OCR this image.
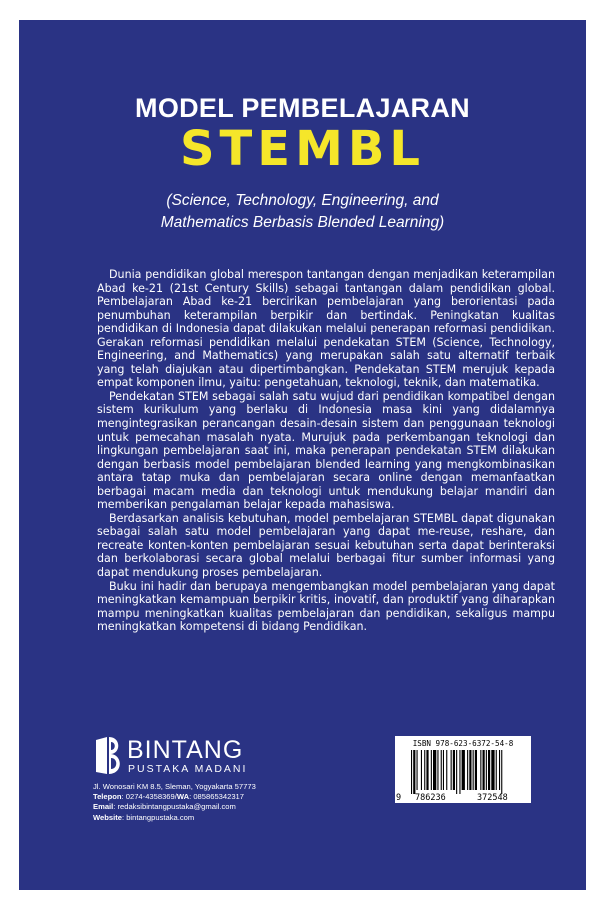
MODEL PEMBELAJARAN
STEMBL
(Science, Technology, Engineering, and
Mathematics Berbasis Blended Learning)

Dunia pendidikan global merespon tantangan dengan menjadikan keterampilan Abad ke-21 (21st Century Skills) sebagai tantangan dalam pendidikan global. Pembelajaran Abad ke-21 bercirikan pembelajaran yang berorientasi pada penumbuhan keterampilan berpikir dan bertindak. Peningkatan kualitas pendidikan di Indonesia dapat dilakukan melalui penerapan reformasi pendidikan. Gerakan reformasi pendidikan melalui pendekatan STEM (Science, Technology, Engineering, and Mathematics) yang merupakan salah satu alternatif terbaik yang telah diajukan atau dipertimbangkan. Pendekatan STEM merujuk kepada empat komponen ilmu, yaitu: pengetahuan, teknologi, teknik, dan matematika.

Pendekatan STEM sebagai salah satu wujud dari pendidikan kompatibel dengan sistem kurikulum yang berlaku di Indonesia masa kini yang didalamnya mengintegrasikan perancangan desain-desain sistem dan penggunaan teknologi untuk pemecahan masalah nyata. Murujuk pada perkembangan teknologi dan lingkungan pembelajaran saat ini, maka penerapan pendekatan STEM dilakukan dengan berbasis model pembelajaran blended learning yang mengkombinasikan antara tatap muka dan pembelajaran secara online dengan memanfaatkan berbagai macam media dan teknologi untuk mendukung belajar mandiri dan memberikan pengalaman belajar kepada mahasiswa.

Berdasarkan analisis kebutuhan, model pembelajaran STEMBL dapat digunakan sebagai salah satu model pembelajaran yang dapat me-reuse, reshare, dan recreate konten-konten pembelajaran sesuai kebutuhan serta dapat berinteraksi dan berkolaborasi secara global melalui berbagai fitur sumber informasi yang dapat mendukung proses pembelajaran.

Buku ini hadir dan berupaya mengembangkan model pembelajaran yang dapat meningkatkan kemampuan berpikir kritis, inovatif, dan produktif yang diharapkan mampu meningkatkan kualitas pembelajaran dan pendidikan, sekaligus mampu meningkatkan kompetensi di bidang Pendidikan.

BINTANG
PUSTAKA MADANI
Jl. Wonosari KM 8.5, Sleman, Yogyakarta 57773
Telepon: 0274-4358369/WA: 085865342317
Email: redaksibintangpustaka@gmail.com
Website: bintangpustaka.com
ISBN 978-623-6372-54-8
9 786236	372548
